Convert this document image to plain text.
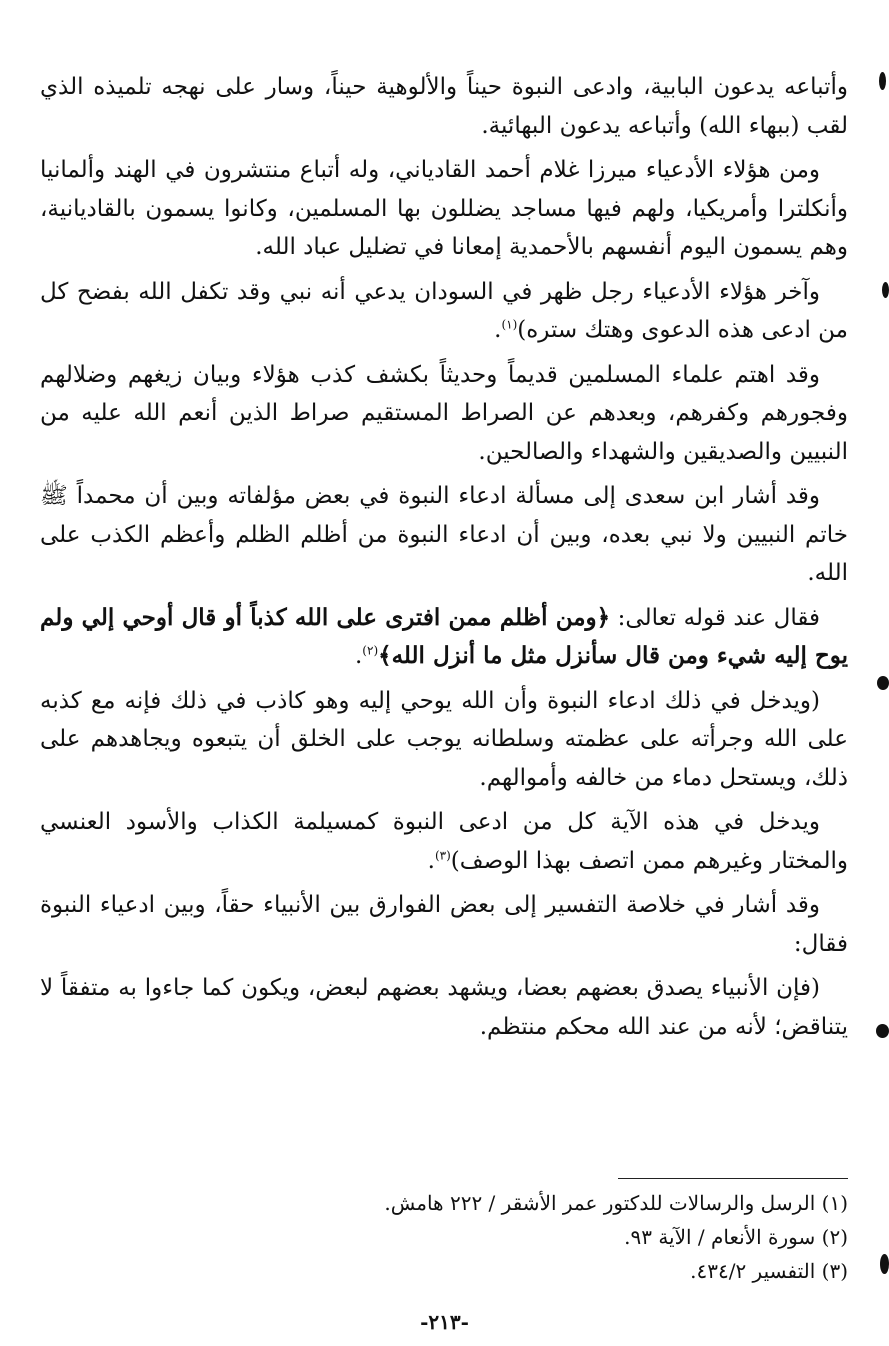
وأتباعه يدعون البابية، وادعى النبوة حيناً والألوهية حيناً، وسار على نهجه تلميذه الذي لقب (ببهاء الله) وأتباعه يدعون البهائية.

ومن هؤلاء الأدعياء ميرزا غلام أحمد القادياني، وله أتباع منتشرون في الهند وألمانيا وأنكلترا وأمريكيا، ولهم فيها مساجد يضللون بها المسلمين، وكانوا يسمون بالقاديانية، وهم يسمون اليوم أنفسهم بالأحمدية إمعانا في تضليل عباد الله.

وآخر هؤلاء الأدعياء رجل ظهر في السودان يدعي أنه نبي وقد تكفل الله بفضح كل من ادعى هذه الدعوى وهتك ستره)$^{(١)}$.

وقد اهتم علماء المسلمين قديماً وحديثاً بكشف كذب هؤلاء وبيان زيغهم وضلالهم وفجورهم وكفرهم، وبعدهم عن الصراط المستقيم صراط الذين أنعم الله عليه من النبيين والصديقين والشهداء والصالحين.

وقد أشار ابن سعدى إلى مسألة ادعاء النبوة في بعض مؤلفاته وبين أن محمداً ﷺ خاتم النبيين ولا نبي بعده، وبين أن ادعاء النبوة من أظلم الظلم وأعظم الكذب على الله.

فقال عند قوله تعالى: ﴿ومن أظلم ممن افترى على الله كذباً أو قال أوحي إلي ولم يوح إليه شيء ومن قال سأنزل مثل ما أنزل الله﴾$^{(٢)}$.

(ويدخل في ذلك ادعاء النبوة وأن الله يوحي إليه وهو كاذب في ذلك فإنه مع كذبه على الله وجرأته على عظمته وسلطانه يوجب على الخلق أن يتبعوه ويجاهدهم على ذلك، ويستحل دماء من خالفه وأموالهم.

ويدخل في هذه الآية كل من ادعى النبوة كمسيلمة الكذاب والأسود العنسي والمختار وغيرهم ممن اتصف بهذا الوصف)$^{(٣)}$.

وقد أشار في خلاصة التفسير إلى بعض الفوارق بين الأنبياء حقاً، وبين ادعياء النبوة فقال:

(فإن الأنبياء يصدق بعضهم بعضا، ويشهد بعضهم لبعض، ويكون كما جاءوا به متفقاً لا يتناقض؛ لأنه من عند الله محكم منتظم.

(١) الرسل والرسالات للدكتور عمر الأشقر / ٢٢٢ هامش.

(٢) سورة الأنعام / الآية ٩٣.

(٣) التفسير ٤٣٤/٢.

-٢١٣-
